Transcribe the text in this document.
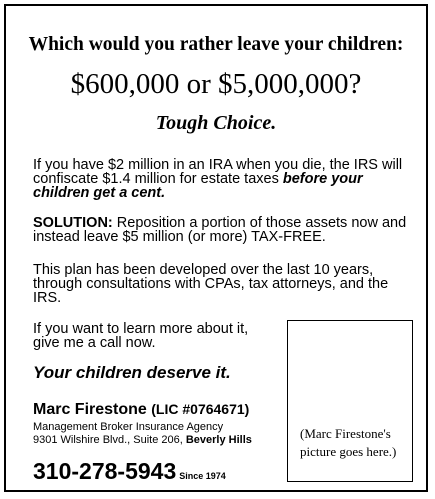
Which would you rather leave your children:
$600,000 or $5,000,000?
Tough Choice.
If you have $2 million in an IRA when you die, the IRS will confiscate $1.4 million for estate taxes before your children get a cent.
SOLUTION: Reposition a portion of those assets now and instead leave $5 million (or more) TAX-FREE.
This plan has been developed over the last 10 years, through consultations with CPAs, tax attorneys, and the IRS.
If you want to learn more about it, give me a call now.
Your children deserve it.
Marc Firestone (LIC #0764671)
Management Broker Insurance Agency
9301 Wilshire Blvd., Suite 206, Beverly Hills
310-278-5943 Since 1974
(Marc Firestone's picture goes here.)
